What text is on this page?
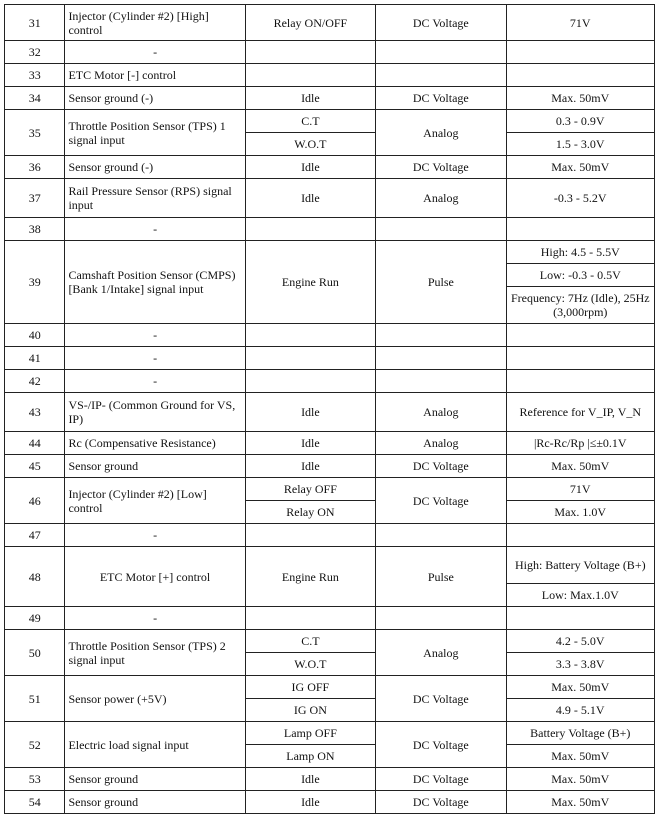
31	Injector (Cylinder #2) [High] control	Relay ON/OFF	DC Voltage	71V
32	-			
33	ETC Motor [-] control			
34	Sensor ground (-)	Idle	DC Voltage	Max. 50mV
35	Throttle Position Sensor (TPS) 1 signal input	C.T	Analog	0.3 - 0.9V
		W.O.T		1.5 - 3.0V
36	Sensor ground (-)	Idle	DC Voltage	Max. 50mV
37	Rail Pressure Sensor (RPS) signal input	Idle	Analog	-0.3 - 5.2V
38	-			
39	Camshaft Position Sensor (CMPS) [Bank 1/Intake] signal input	Engine Run	Pulse	High: 4.5 - 5.5V
				Low: -0.3 - 0.5V
				Frequency: 7Hz (Idle), 25Hz (3,000rpm)
40	-			
41	-			
42	-			
43	VS-/IP- (Common Ground for VS, IP)	Idle	Analog	Reference for V_IP, V_N
44	Rc (Compensative Resistance)	Idle	Analog	|Rc-Rc/Rp |≤±0.1V
45	Sensor ground	Idle	DC Voltage	Max. 50mV
46	Injector (Cylinder #2) [Low] control	Relay OFF	DC Voltage	71V
		Relay ON		Max. 1.0V
47	-			
48	ETC Motor [+] control	Engine Run	Pulse	High: Battery Voltage (B+)
				Low: Max.1.0V
49	-			
50	Throttle Position Sensor (TPS) 2 signal input	C.T	Analog	4.2 - 5.0V
		W.O.T		3.3 - 3.8V
51	Sensor power (+5V)	IG OFF	DC Voltage	Max. 50mV
		IG ON		4.9 - 5.1V
52	Electric load signal input	Lamp OFF	DC Voltage	Battery Voltage (B+)
		Lamp ON		Max. 50mV
53	Sensor ground	Idle	DC Voltage	Max. 50mV
54	Sensor ground	Idle	DC Voltage	Max. 50mV
